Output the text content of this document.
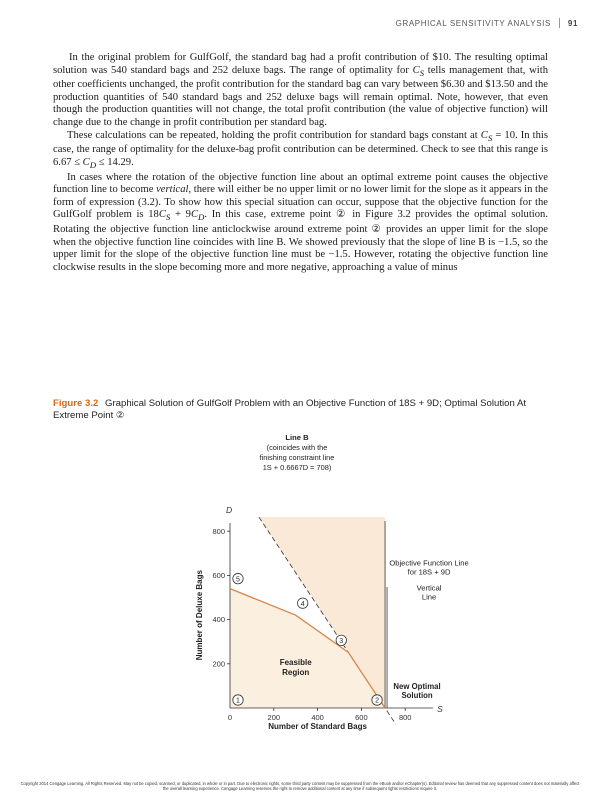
GRAPHICAL SENSITIVITY ANALYSIS 91

In the original problem for GulfGolf, the standard bag had a profit contribution of $10. The resulting optimal solution was 540 standard bags and 252 deluxe bags. The range of optimality for $C_S$ tells management that, with other coefficients unchanged, the profit contribution for the standard bag can vary between $6.30 and $13.50 and the production quantities of 540 standard bags and 252 deluxe bags will remain optimal. Note, however, that even though the production quantities will not change, the total profit contribution (the value of objective function) will change due to the change in profit contribution per standard bag.

These calculations can be repeated, holding the profit contribution for standard bags constant at $C_S = 10$. In this case, the range of optimality for the deluxe-bag profit contribution can be determined. Check to see that this range is $6.67 \le C_D \le 14.29$.

In cases where the rotation of the objective function line about an optimal extreme point causes the objective function line to become vertical, there will either be no upper limit or no lower limit for the slope as it appears in the form of expression (3.2). To show how this special situation can occur, suppose that the objective function for the GulfGolf problem is $18C_S + 9C_D$. In this case, extreme point ② in Figure 3.2 provides the optimal solution. Rotating the objective function line anticlockwise around extreme point ② provides an upper limit for the slope when the objective function line coincides with line B. We showed previously that the slope of line B is −1.5, so the upper limit for the slope of the objective function line must be −1.5. However, rotating the objective function line clockwise results in the slope becoming more and more negative, approaching a value of minus

Figure 3.2 Graphical Solution of GulfGolf Problem with an Objective Function of 18S + 9D; Optimal Solution At Extreme Point ②
0	200	400	600	800
200
400
600
800
1	2
3
4
5
S
D
Number of Standard Bags
Number of Deluxe Bags
Line B
(coincides with the
finishing constraint line
1S + 0.6667D = 708)
Objective Function Line
for 18S + 9D
Vertical
Line
Feasible
Region
New Optimal
Solution
Copyright 2014 Cengage Learning. All Rights Reserved. May not be copied, scanned, or duplicated, in whole or in part. Due to electronic rights, some third party content may be suppressed from the eBook and/or eChapter(s). Editorial review has deemed that any suppressed content does not materially affect the overall learning experience. Cengage Learning reserves the right to remove additional content at any time if subsequent rights restrictions require it.
